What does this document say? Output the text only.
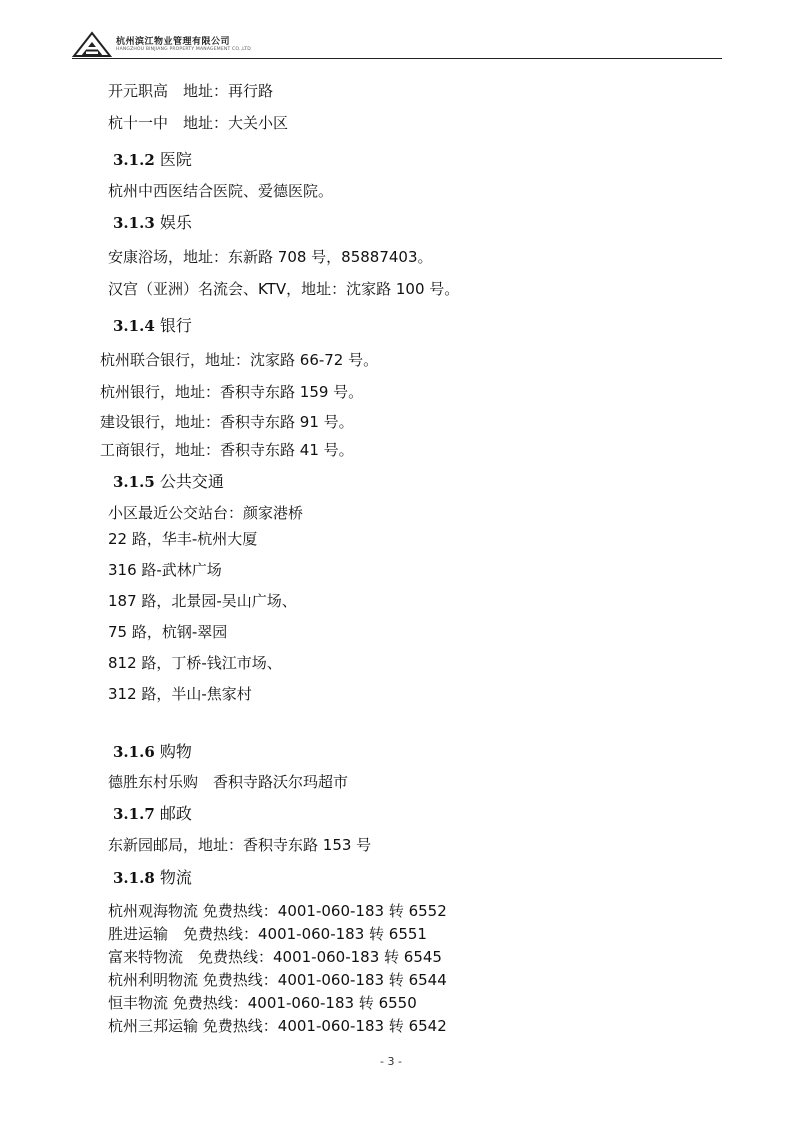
杭州滨江物业管理有限公司
HANGZHOU BINJIANG PROPERTY MANAGEMENT CO.,LTD
开元职高　地址：再行路
杭十一中　地址：大关小区
3.1.2 医院
杭州中西医结合医院、爱德医院。
3.1.3 娱乐
安康浴场，地址：东新路 708 号，85887403。
汉宫（亚洲）名流会、KTV，地址：沈家路 100 号。
3.1.4 银行
杭州联合银行，地址：沈家路 66-72 号。
杭州银行，地址：香积寺东路 159 号。
建设银行，地址：香积寺东路 91 号。
工商银行，地址：香积寺东路 41 号。
3.1.5 公共交通
小区最近公交站台：颜家港桥
22 路，华丰-杭州大厦
316 路-武林广场
187 路，北景园-吴山广场、
75 路，杭钢-翠园
812 路，丁桥-钱江市场、
312 路，半山-焦家村
3.1.6 购物
德胜东村乐购　香积寺路沃尔玛超市
3.1.7 邮政
东新园邮局，地址：香积寺东路 153 号
3.1.8 物流
杭州观海物流 免费热线：4001-060-183 转 6552
胜进运输　免费热线：4001-060-183 转 6551
富来特物流　免费热线：4001-060-183 转 6545
杭州利明物流 免费热线：4001-060-183 转 6544
恒丰物流 免费热线：4001-060-183 转 6550
杭州三邦运输 免费热线：4001-060-183 转 6542
- 3 -
